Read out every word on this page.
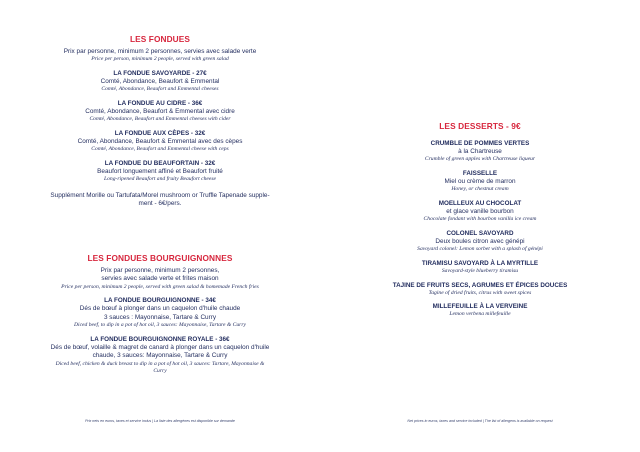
LES FONDUES
Prix par personne, minimum 2 personnes, servies avec salade verte
Price per person, minimum 2 people, served with green salad
LA FONDUE SAVOYARDE - 27€
Comté, Abondance, Beaufort & Emmental
Comté, Abondance, Beaufort and Emmental cheeses
LA FONDUE AU CIDRE - 36€
Comté, Abondance, Beaufort & Emmental avec cidre
Comté, Abondance, Beaufort and Emmental cheeses with cider
LA FONDUE AUX CÈPES - 32€
Comté, Abondance, Beaufort & Emmental avec des cèpes
Comté, Abondance, Beaufort and Emmental cheese with ceps
LA FONDUE DU BEAUFORTAIN - 32€
Beaufort longuement affiné et Beaufort fruité
Long-ripened Beaufort and fruity Beaufort cheese
Supplément Morille ou Tartufata/Morel mushroom or Truffle Tapenade supple-
ment - 6€/pers.
LES FONDUES BOURGUIGNONNES
Prix par personne, minimum 2 personnes,
servies avec salade verte et frites maison
Price per person, minimum 2 people, served with green salad & homemade French fries
LA FONDUE BOURGUIGNONNE - 34€
Dés de bœuf à plonger dans un caquelon d'huile chaude
3 sauces : Mayonnaise, Tartare & Curry
Diced beef, to dip in a pot of hot oil, 3 sauces: Mayonnaise, Tartare & Curry
LA FONDUE BOURGUIGNONNE ROYALE - 36€
Dés de bœuf, volaille & magret de canard à plonger dans un caquelon d'huile
chaude, 3 sauces: Mayonnaise, Tartare & Curry
Diced beef, chicken & duck breast to dip in a pot of hot oil, 3 sauces: Tartare, Mayonnaise &
Curry
Prix nets en euros, taxes et service inclus | La liste des allergènes est disponible sur demande
LES DESSERTS - 9€
CRUMBLE DE POMMES VERTES
à la Chartreuse
Crumble of green apples with Chartreuse liqueur
FAISSELLE
Miel ou crème de marron
Honey, or chestnut cream
MOELLEUX AU CHOCOLAT
et glace vanille bourbon
Chocolate fondant with bourbon vanilla ice cream
COLONEL SAVOYARD
Deux boules citron avec génépi
Savoyard colonel: Lemon sorbet with a splash of génépi
TIRAMISU SAVOYARD À LA MYRTILLE
Savoyard-style blueberry tiramisu
TAJINE DE FRUITS SECS, AGRUMES ET ÉPICES DOUCES
Tagine of dried fruits, citrus with sweet spices
MILLEFEUILLE À LA VERVEINE
Lemon verbena millefeuille
Net prices in euros, taxes and service included | The list of allergens is available on request
